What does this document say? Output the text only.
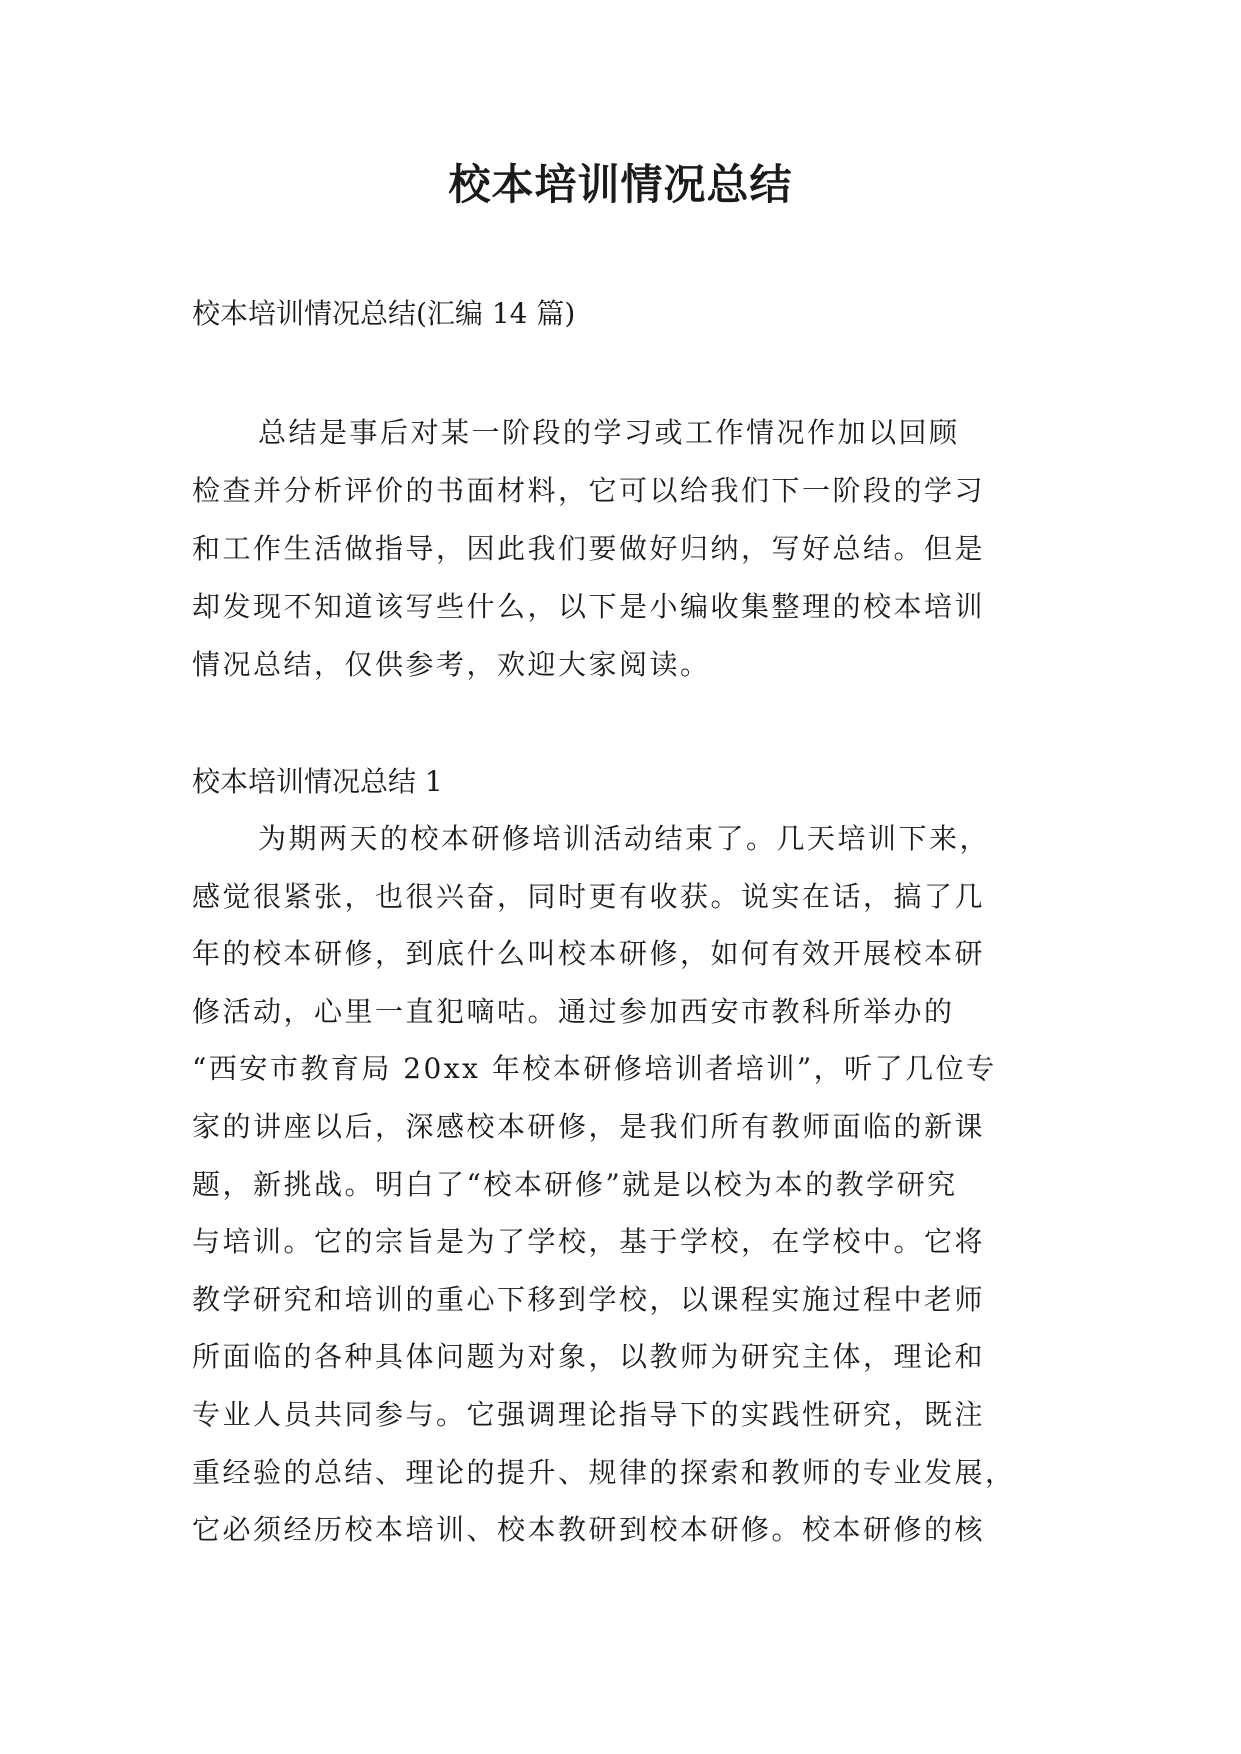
校本培训情况总结

校本培训情况总结(汇编 14 篇)

总结是事后对某一阶段的学习或工作情况作加以回顾
检查并分析评价的书面材料，它可以给我们下一阶段的学习
和工作生活做指导，因此我们要做好归纳，写好总结。但是
却发现不知道该写些什么，以下是小编收集整理的校本培训
情况总结，仅供参考，欢迎大家阅读。

校本培训情况总结 1

为期两天的校本研修培训活动结束了。几天培训下来，
感觉很紧张，也很兴奋，同时更有收获。说实在话，搞了几
年的校本研修，到底什么叫校本研修，如何有效开展校本研
修活动，心里一直犯嘀咕。通过参加西安市教科所举办的
“西安市教育局 20xx 年校本研修培训者培训”，听了几位专
家的讲座以后，深感校本研修，是我们所有教师面临的新课
题，新挑战。明白了“校本研修”就是以校为本的教学研究
与培训。它的宗旨是为了学校，基于学校，在学校中。它将
教学研究和培训的重心下移到学校，以课程实施过程中老师
所面临的各种具体问题为对象，以教师为研究主体，理论和
专业人员共同参与。它强调理论指导下的实践性研究，既注
重经验的总结、理论的提升、规律的探索和教师的专业发展，
它必须经历校本培训、校本教研到校本研修。校本研修的核
